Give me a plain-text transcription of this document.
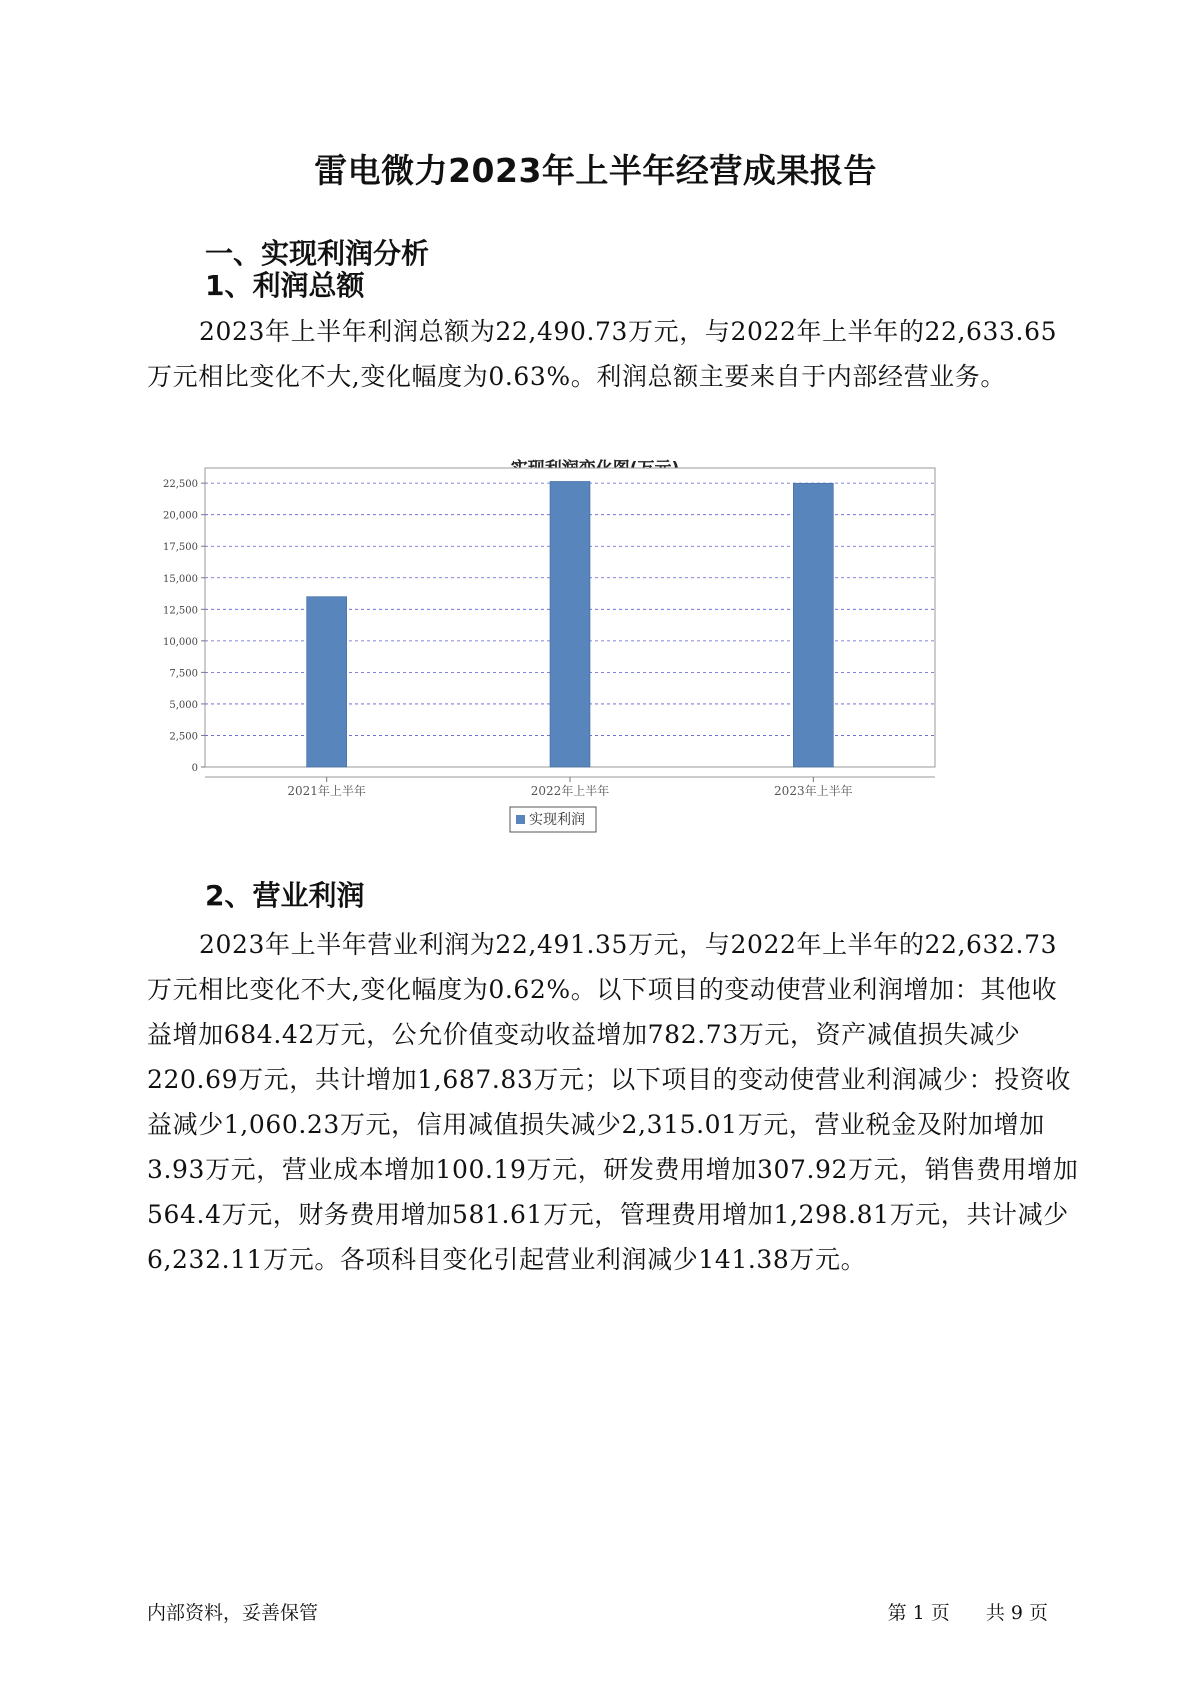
雷电微力2023年上半年经营成果报告
一、实现利润分析
1、利润总额

2023年上半年利润总额为22,490.73万元，与2022年上半年的22,633.65万元相比变化不大,变化幅度为0.63%。利润总额主要来自于内部经营业务。

0
2,500
5,000
7,500
10,000
12,500
15,000
17,500
20,000
22,500
2021年上半年	2022年上半年	2023年上半年
实现利润
2、营业利润

2023年上半年营业利润为22,491.35万元，与2022年上半年的22,632.73万元相比变化不大,变化幅度为0.62%。以下项目的变动使营业利润增加：其他收益增加684.42万元，公允价值变动收益增加782.73万元，资产减值损失减少220.69万元，共计增加1,687.83万元；以下项目的变动使营业利润减少：投资收益减少1,060.23万元，信用减值损失减少2,315.01万元，营业税金及附加增加3.93万元，营业成本增加100.19万元，研发费用增加307.92万元，销售费用增加564.4万元，财务费用增加581.61万元，管理费用增加1,298.81万元，共计减少6,232.11万元。各项科目变化引起营业利润减少141.38万元。

内部资料，妥善保管	第 1 页 共 9 页
